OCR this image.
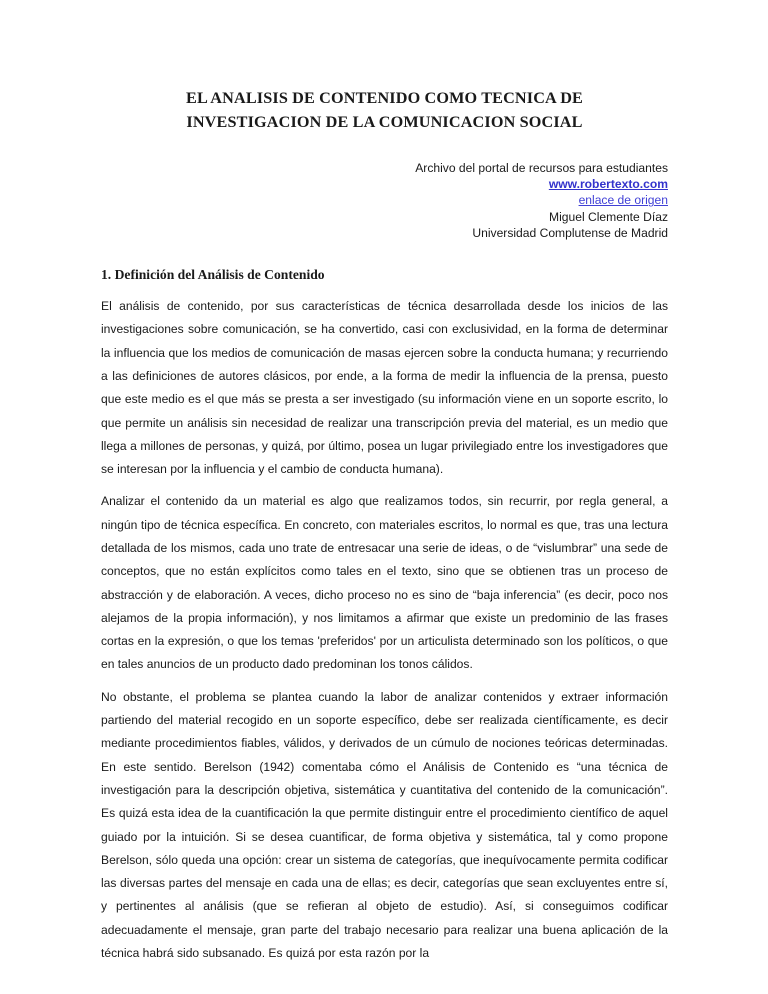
EL ANALISIS DE CONTENIDO COMO TECNICA DE
INVESTIGACION DE LA COMUNICACION SOCIAL
Archivo del portal de recursos para estudiantes
www.robertexto.com
enlace de origen
Miguel Clemente Díaz
Universidad Complutense de Madrid
1. Definición del Análisis de Contenido

El análisis de contenido, por sus características de técnica desarrollada desde los inicios de las investigaciones sobre comunicación, se ha convertido, casi con exclusividad, en la forma de determinar la influencia que los medios de comunicación de masas ejercen sobre la conducta humana; y recurriendo a las definiciones de autores clásicos, por ende, a la forma de medir la influencia de la prensa, puesto que este medio es el que más se presta a ser investigado (su información viene en un soporte escrito, lo que permite un análisis sin necesidad de realizar una transcripción previa del material, es un medio que llega a millones de personas, y quizá, por último, posea un lugar privilegiado entre los investigadores que se interesan por la influencia y el cambio de conducta humana).

Analizar el contenido da un material es algo que realizamos todos, sin recurrir, por regla general, a ningún tipo de técnica específica. En concreto, con materiales escritos, lo normal es que, tras una lectura detallada de los mismos, cada uno trate de entresacar una serie de ideas, o de “vislumbrar” una sede de conceptos, que no están explícitos como tales en el texto, sino que se obtienen tras un proceso de abstracción y de elaboración. A veces, dicho proceso no es sino de “baja inferencia” (es decir, poco nos alejamos de la propia información), y nos limitamos a afirmar que existe un predominio de las frases cortas en la expresión, o que los temas 'preferidos' por un articulista determinado son los políticos, o que en tales anuncios de un producto dado predominan los tonos cálidos.

No obstante, el problema se plantea cuando la labor de analizar contenidos y extraer información partiendo del material recogido en un soporte específico, debe ser realizada científicamente, es decir mediante procedimientos fiables, válidos, y derivados de un cúmulo de nociones teóricas determinadas. En este sentido. Berelson (1942) comentaba cómo el Análisis de Contenido es “una técnica de investigación para la descripción objetiva, sistemática y cuantitativa del contenido de la comunicación”. Es quizá esta idea de la cuantificación la que permite distinguir entre el procedimiento científico de aquel guiado por la intuición. Si se desea cuantificar, de forma objetiva y sistemática, tal y como propone Berelson, sólo queda una opción: crear un sistema de categorías, que inequívocamente permita codificar las diversas partes del mensaje en cada una de ellas; es decir, categorías que sean excluyentes entre sí, y pertinentes al análisis (que se refieran al objeto de estudio). Así, si conseguimos codificar adecuadamente el mensaje, gran parte del trabajo necesario para realizar una buena aplicación de la técnica habrá sido subsanado. Es quizá por esta razón por la
